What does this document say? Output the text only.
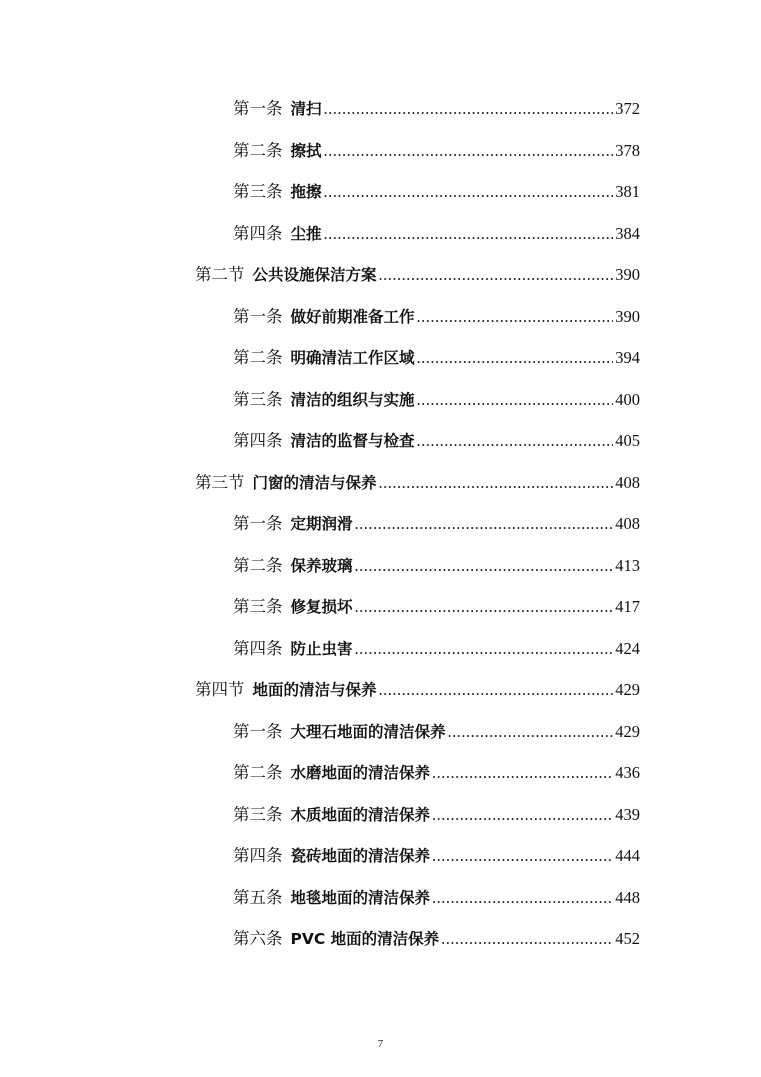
第一条 清扫 .....	372
第二条 擦拭 .....	378
第三条 拖擦 .....	381
第四条 尘推 .....	384
第二节 公共设施保洁方案 .....	390
第一条 做好前期准备工作 .....	390
第二条 明确清洁工作区域 .....	394
第三条 清洁的组织与实施 .....	400
第四条 清洁的监督与检查 .....	405
第三节 门窗的清洁与保养 .....	408
第一条 定期润滑 .....	408
第二条 保养玻璃 .....	413
第三条 修复损坏 .....	417
第四条 防止虫害 .....	424
第四节 地面的清洁与保养 .....	429
第一条 大理石地面的清洁保养 .....	429
第二条 水磨地面的清洁保养 .....	436
第三条 木质地面的清洁保养 .....	439
第四条 瓷砖地面的清洁保养 .....	444
第五条 地毯地面的清洁保养 .....	448
第六条 PVC 地面的清洁保养 .....	452
7
